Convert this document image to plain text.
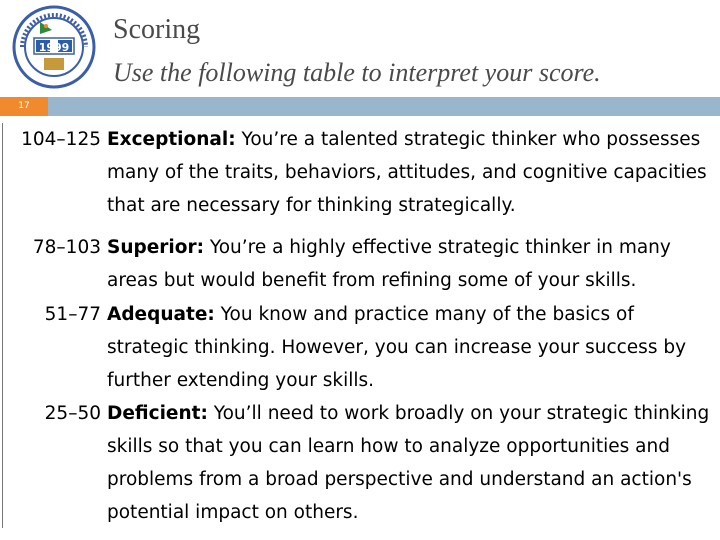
1999
Scoring
Use the following table to interpret your score.
17
104–125 Exceptional: You’re a talented strategic thinker who possesses many of the traits, behaviors, attitudes, and cognitive capacities that are necessary for thinking strategically.
78–103 Superior: You’re a highly effective strategic thinker in many areas but would benefit from refining some of your skills.
51–77 Adequate: You know and practice many of the basics of strategic thinking. However, you can increase your success by further extending your skills.
25–50 Deficient: You’ll need to work broadly on your strategic thinking skills so that you can learn how to analyze opportunities and problems from a broad perspective and understand an action's potential impact on others.
